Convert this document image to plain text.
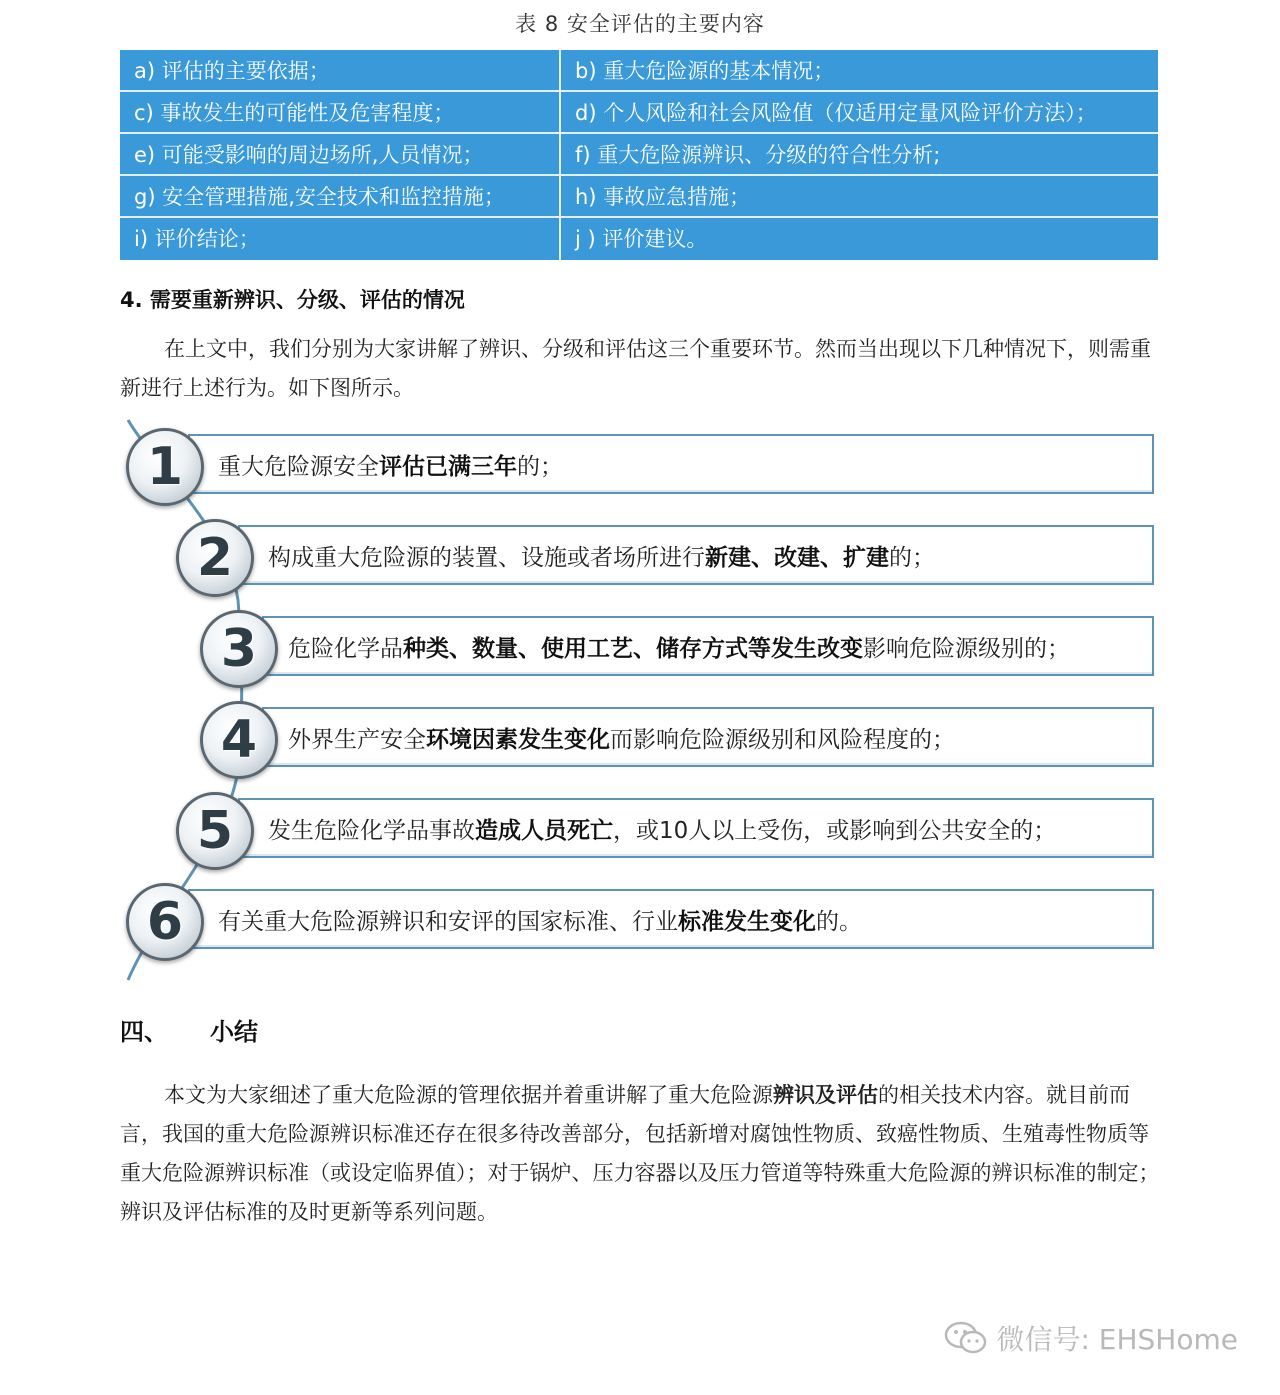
表 8 安全评估的主要内容
a) 评估的主要依据；	b) 重大危险源的基本情况；
c) 事故发生的可能性及危害程度；	d) 个人风险和社会风险值（仅适用定量风险评价方法）；
e) 可能受影响的周边场所,人员情况；	f) 重大危险源辨识、分级的符合性分析;
g) 安全管理措施,安全技术和监控措施；	h) 事故应急措施；
i) 评价结论；	j ) 评价建议。
4. 需要重新辨识、分级、评估的情况
在上文中，我们分别为大家讲解了辨识、分级和评估这三个重要环节。然而当出现以下几种情况下，则需重新进行上述行为。如下图所示。
重大危险源安全评估已满三年的；
1
构成重大危险源的装置、设施或者场所进行新建、改建、扩建的；
2
危险化学品种类、数量、使用工艺、储存方式等发生改变影响危险源级别的；
3
外界生产安全环境因素发生变化而影响危险源级别和风险程度的；
4
发生危险化学品事故造成人员死亡，或10人以上受伤，或影响到公共安全的；
5
有关重大危险源辨识和安评的国家标准、行业标准发生变化的。
6
四、 小结
本文为大家细述了重大危险源的管理依据并着重讲解了重大危险源辨识及评估的相关技术内容。就目前而言，我国的重大危险源辨识标准还存在很多待改善部分，包括新增对腐蚀性物质、致癌性物质、生殖毒性物质等重大危险源辨识标准（或设定临界值）；对于锅炉、压力容器以及压力管道等特殊重大危险源的辨识标准的制定；辨识及评估标准的及时更新等系列问题。
微信号: EHSHome
